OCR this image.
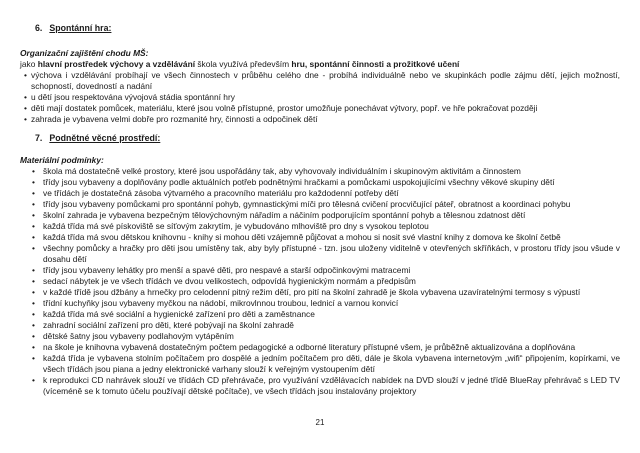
6. Spontánní hra:
Organizační zajištění chodu MŠ:
jako hlavní prostředek výchovy a vzdělávání škola využívá především hru, spontánní činnosti a prožitkové učení
• výchova i vzdělávání probíhají ve všech činnostech v průběhu celého dne - probíhá individuálně nebo ve skupinkách podle zájmu dětí, jejich možností, schopností, dovedností a nadání
• u dětí jsou respektována vývojová stádia spontánní hry
• děti mají dostatek pomůcek, materiálu, které jsou volně přístupné, prostor umožňuje ponechávat výtvory, popř. ve hře pokračovat později
• zahrada je vybavena velmi dobře pro rozmanité hry, činnosti a odpočinek dětí
7. Podnětné věcné prostředí:
Materiální podmínky:
• škola má dostatečně velké prostory, které jsou uspořádány tak, aby vyhovovaly individuálním i skupinovým aktivitám a činnostem
• třídy jsou vybaveny a doplňovány podle aktuálních potřeb podnětnými hračkami a pomůckami uspokojujícími všechny věkové skupiny dětí
• ve třídách je dostatečná zásoba výtvarného a pracovního materiálu pro každodenní potřeby dětí
• třídy jsou vybaveny pomůckami pro spontánní pohyb, gymnastickými míči pro tělesná cvičení procvičující páteř, obratnost a koordinaci pohybu
• školní zahrada je vybavena bezpečným tělovýchovným nářadím a náčiním podporujícím spontánní pohyb a tělesnou zdatnost dětí
• každá třída má své pískoviště se síťovým zakrytím, je vybudováno mlhoviště pro dny s vysokou teplotou
• každá třída má svou dětskou knihovnu - knihy si mohou děti vzájemně půjčovat a mohou si nosit své vlastní knihy z domova ke školní četbě
• všechny pomůcky a hračky pro děti jsou umístěny tak, aby byly přístupné - tzn. jsou uloženy viditelně v otevřených skříňkách, v prostoru třídy jsou všude v dosahu dětí
• třídy jsou vybaveny lehátky pro menší a spavé děti, pro nespavé a starší odpočinkovými matracemi
• sedací nábytek je ve všech třídách ve dvou velikostech, odpovídá hygienickým normám a předpisům
• v každé třídě jsou džbány a hrnečky pro celodenní pitný režim dětí, pro pití na školní zahradě je škola vybavena uzavíratelnými termosy s výpustí
• třídní kuchyňky jsou vybaveny myčkou na nádobí, mikrovlnnou troubou, lednicí a varnou konvicí
• každá třída má své sociální a hygienické zařízení pro děti a zaměstnance
• zahradní sociální zařízení pro děti, které pobývají na školní zahradě
• dětské šatny jsou vybaveny podlahovým vytápěním
• na škole je knihovna vybavená dostatečným počtem pedagogické a odborné literatury přístupné všem, je průběžně aktualizována a doplňována
• každá třída je vybavena stolním počítačem pro dospělé a jedním počítačem pro děti, dále je škola vybavena internetovým „wifi“ připojením, kopírkami, ve všech třídách jsou piana a jedny elektronické varhany slouží k veřejným vystoupením dětí
• k reprodukci CD nahrávek slouží ve třídách CD přehrávače, pro využívání vzdělávacích nabídek na DVD slouží v jedné třídě BlueRay přehrávač s LED TV (víceméně se k tomuto účelu používají dětské počítače), ve všech třídách jsou instalovány projektory
21
